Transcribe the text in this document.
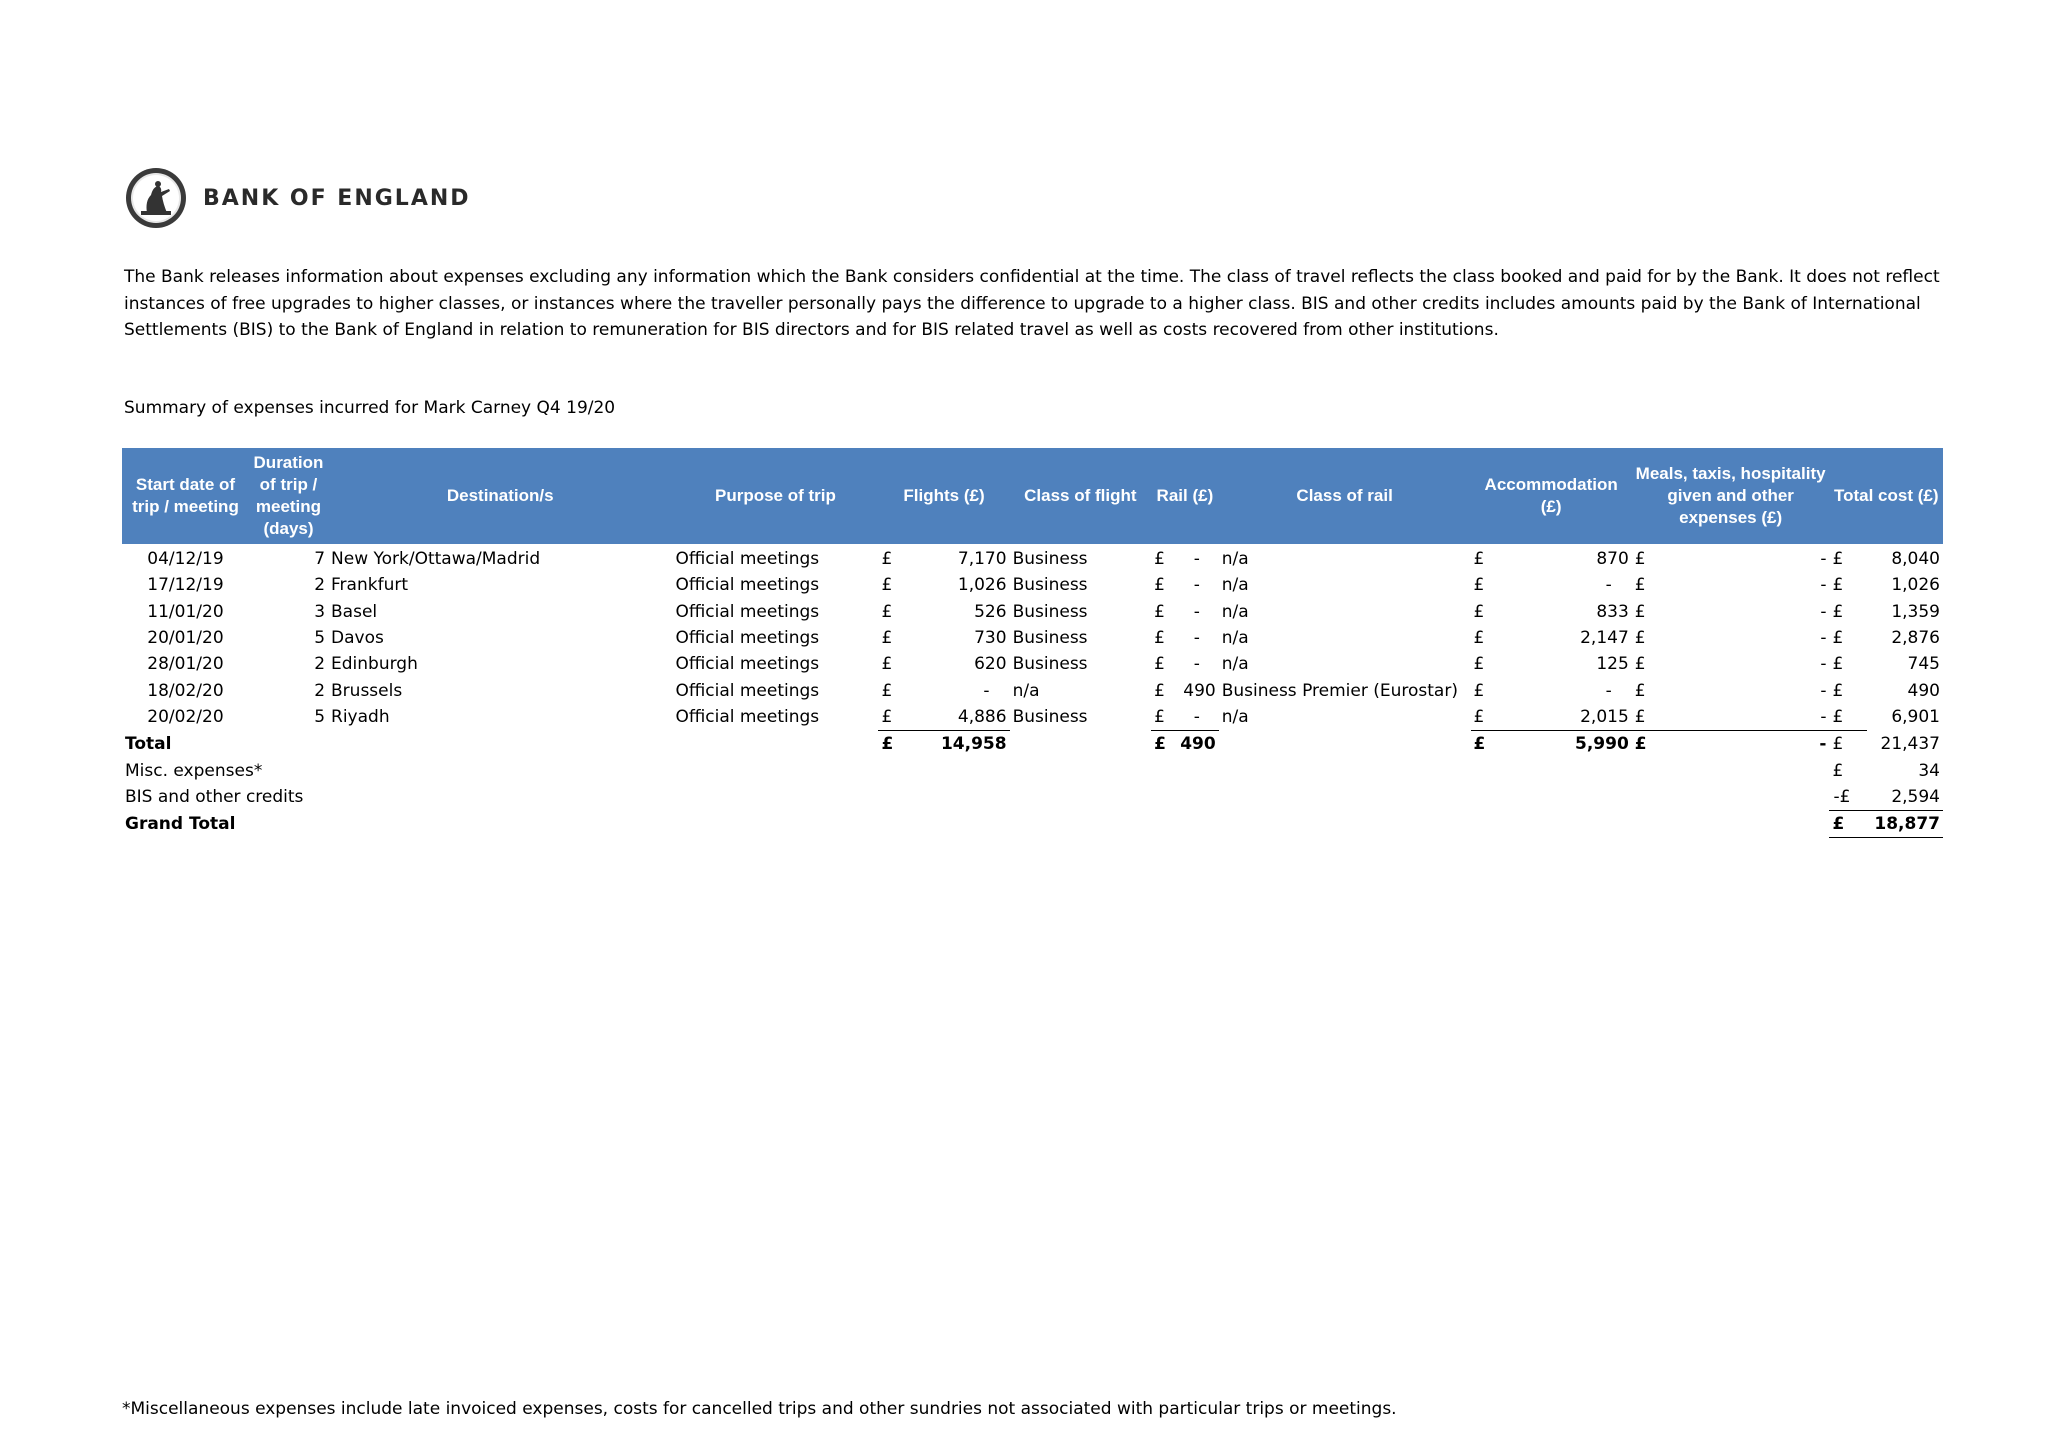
BANK OF ENGLAND
The Bank releases information about expenses excluding any information which the Bank considers confidential at the time. The class of travel reflects the class booked and paid for by the Bank. It does not reflect instances of free upgrades to higher classes, or instances where the traveller personally pays the difference to upgrade to a higher class. BIS and other credits includes amounts paid by the Bank of International Settlements (BIS) to the Bank of England in relation to remuneration for BIS directors and for BIS related travel as well as costs recovered from other institutions.
Summary of expenses incurred for Mark Carney Q4 19/20
Start date of trip / meeting	Duration of trip / meeting (days)	Destination/s	Purpose of trip	Flights (£)		Class of flight	Rail (£)		Class of rail	Accommodation (£)		Meals, taxis, hospitality given and other expenses (£)		Total cost (£)	
04/12/19	7	New York/Ottawa/Madrid	Official meetings	£	7,170	Business	£	-	n/a	£	870	£	-	£	8,040
17/12/19	2	Frankfurt	Official meetings	£	1,026	Business	£	-	n/a	£	-	£	-	£	1,026
11/01/20	3	Basel	Official meetings	£	526	Business	£	-	n/a	£	833	£	-	£	1,359
20/01/20	5	Davos	Official meetings	£	730	Business	£	-	n/a	£	2,147	£	-	£	2,876
28/01/20	2	Edinburgh	Official meetings	£	620	Business	£	-	n/a	£	125	£	-	£	745
18/02/20	2	Brussels	Official meetings	£	-	n/a	£	490	Business Premier (Eurostar)	£	-	£	-	£	490
20/02/20	5	Riyadh	Official meetings	£	4,886	Business	£	-	n/a	£	2,015	£	-	£	6,901
Total				£	14,958		£	490		£	5,990	£	-	£	21,437
Misc. expenses*														£	34
BIS and other credits														-£	2,594
Grand Total														£	18,877
*Miscellaneous expenses include late invoiced expenses, costs for cancelled trips and other sundries not associated with particular trips or meetings.
